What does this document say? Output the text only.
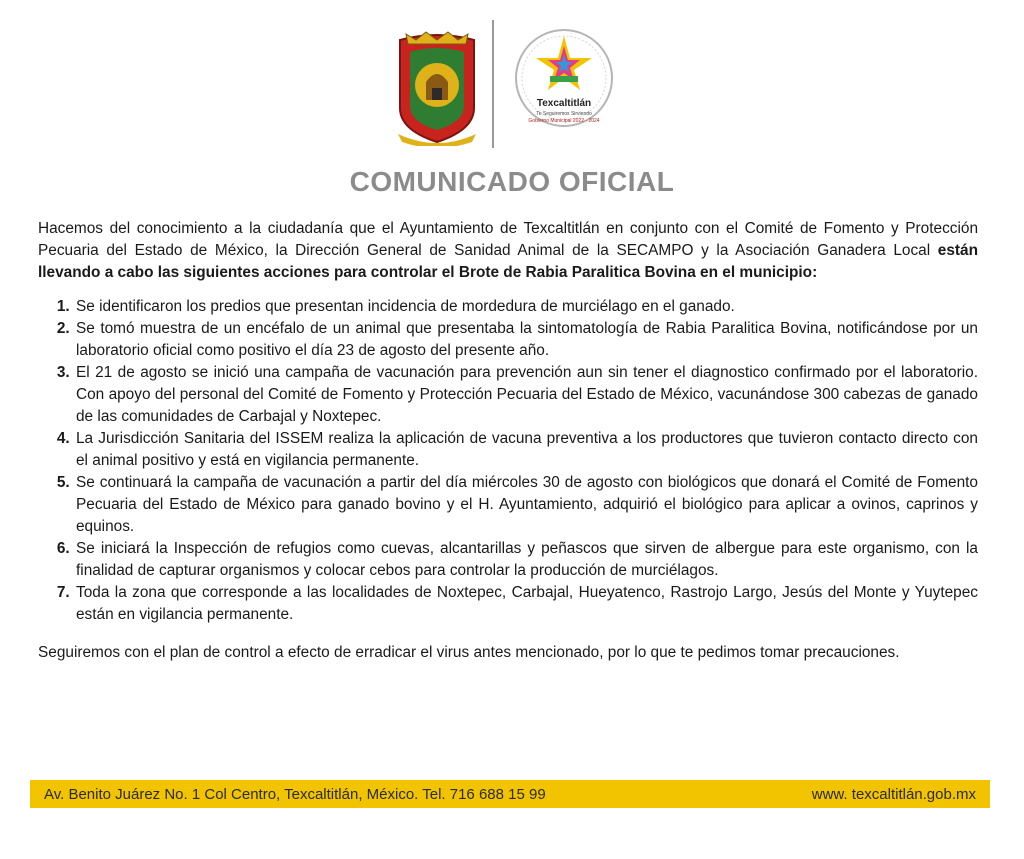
Texcaltitlán
Te Seguiremos Sirviendo
Gobierno Municipal 2022 - 2024
COMUNICADO OFICIAL

Hacemos del conocimiento a la ciudadanía que el Ayuntamiento de Texcaltitlán en conjunto con el Comité de Fomento y Protección Pecuaria del Estado de México, la Dirección General de Sanidad Animal de la SECAMPO y la Asociación Ganadera Local están llevando a cabo las siguientes acciones para controlar el Brote de Rabia Paralitica Bovina en el municipio:

1. Se identificaron los predios que presentan incidencia de mordedura de murciélago en el ganado.
2. Se tomó muestra de un encéfalo de un animal que presentaba la sintomatología de Rabia Paralitica Bovina, notificándose por un laboratorio oficial como positivo el día 23 de agosto del presente año.
3. El 21 de agosto se inició una campaña de vacunación para prevención aun sin tener el diagnostico confirmado por el laboratorio. Con apoyo del personal del Comité de Fomento y Protección Pecuaria del Estado de México, vacunándose 300 cabezas de ganado de las comunidades de Carbajal y Noxtepec.
4. La Jurisdicción Sanitaria del ISSEM realiza la aplicación de vacuna preventiva a los productores que tuvieron contacto directo con el animal positivo y está en vigilancia permanente.
5. Se continuará la campaña de vacunación a partir del día miércoles 30 de agosto con biológicos que donará el Comité de Fomento Pecuaria del Estado de México para ganado bovino y el H. Ayuntamiento, adquirió el biológico para aplicar a ovinos, caprinos y equinos.
6. Se iniciará la Inspección de refugios como cuevas, alcantarillas y peñascos que sirven de albergue para este organismo, con la finalidad de capturar organismos y colocar cebos para controlar la producción de murciélagos.
7. Toda la zona que corresponde a las localidades de Noxtepec, Carbajal, Hueyatenco, Rastrojo Largo, Jesús del Monte y Yuytepec están en vigilancia permanente.

Seguiremos con el plan de control a efecto de erradicar el virus antes mencionado, por lo que te pedimos tomar precauciones.

Av. Benito Juárez No. 1 Col Centro, Texcaltitlán, México. Tel. 716 688 15 99	www. texcaltitlán.gob.mx
